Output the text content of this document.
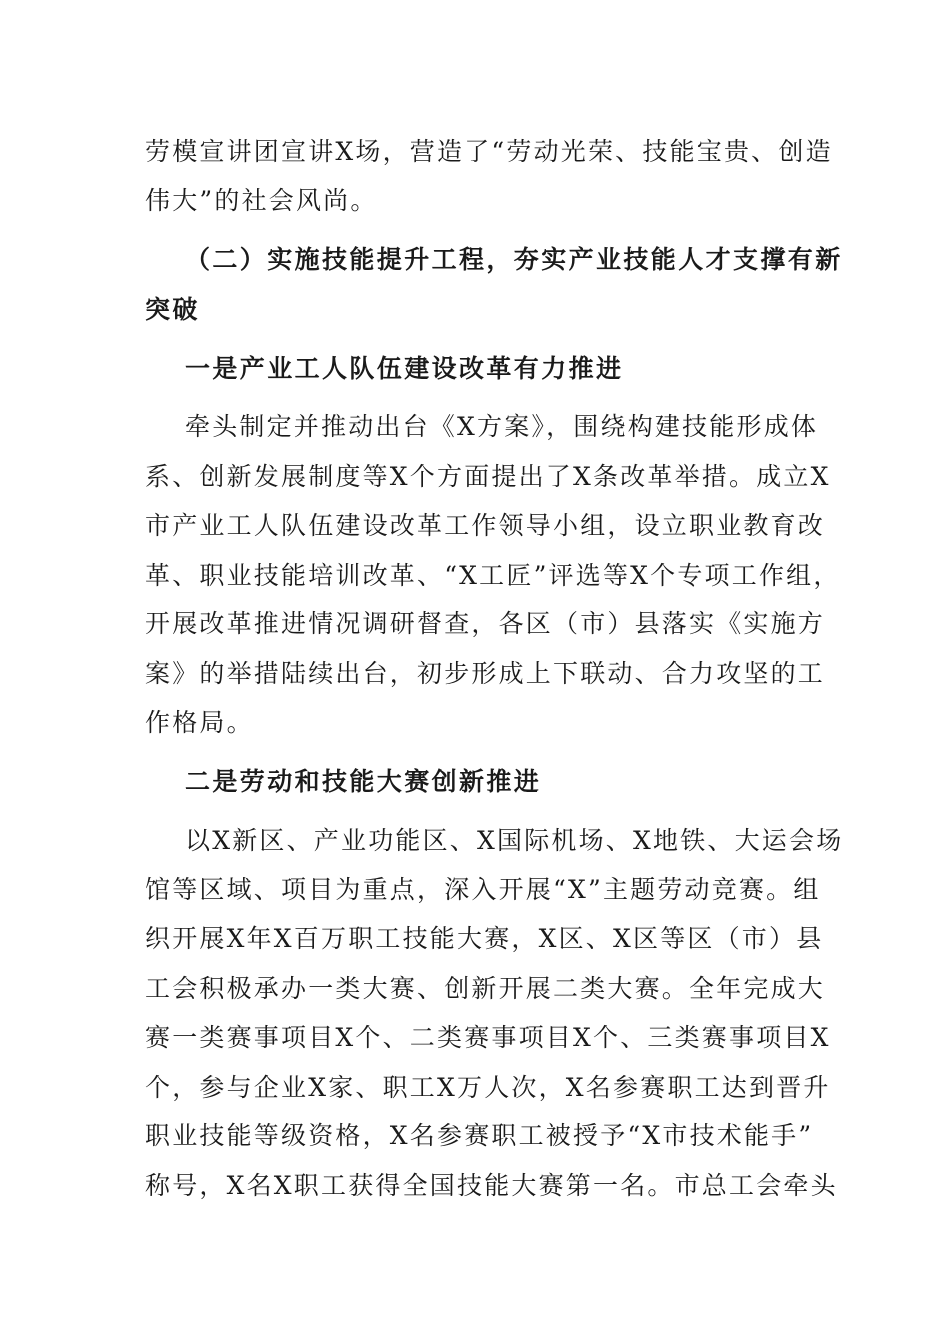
劳模宣讲团宣讲X场，营造了“劳动光荣、技能宝贵、创造

伟大”的社会风尚。

（二）实施技能提升工程，夯实产业技能人才支撑有新

突破

一是产业工人队伍建设改革有力推进

牵头制定并推动出台《X方案》，围绕构建技能形成体

系、创新发展制度等X个方面提出了X条改革举措。成立X

市产业工人队伍建设改革工作领导小组，设立职业教育改

革、职业技能培训改革、“X工匠”评选等X个专项工作组，

开展改革推进情况调研督查，各区（市）县落实《实施方

案》的举措陆续出台，初步形成上下联动、合力攻坚的工

作格局。

二是劳动和技能大赛创新推进

以X新区、产业功能区、X国际机场、X地铁、大运会场

馆等区域、项目为重点，深入开展“X”主题劳动竞赛。组

织开展X年X百万职工技能大赛，X区、X区等区（市）县

工会积极承办一类大赛、创新开展二类大赛。全年完成大

赛一类赛事项目X个、二类赛事项目X个、三类赛事项目X

个，参与企业X家、职工X万人次，X名参赛职工达到晋升

职业技能等级资格，X名参赛职工被授予“X市技术能手”

称号，X名X职工获得全国技能大赛第一名。市总工会牵头
